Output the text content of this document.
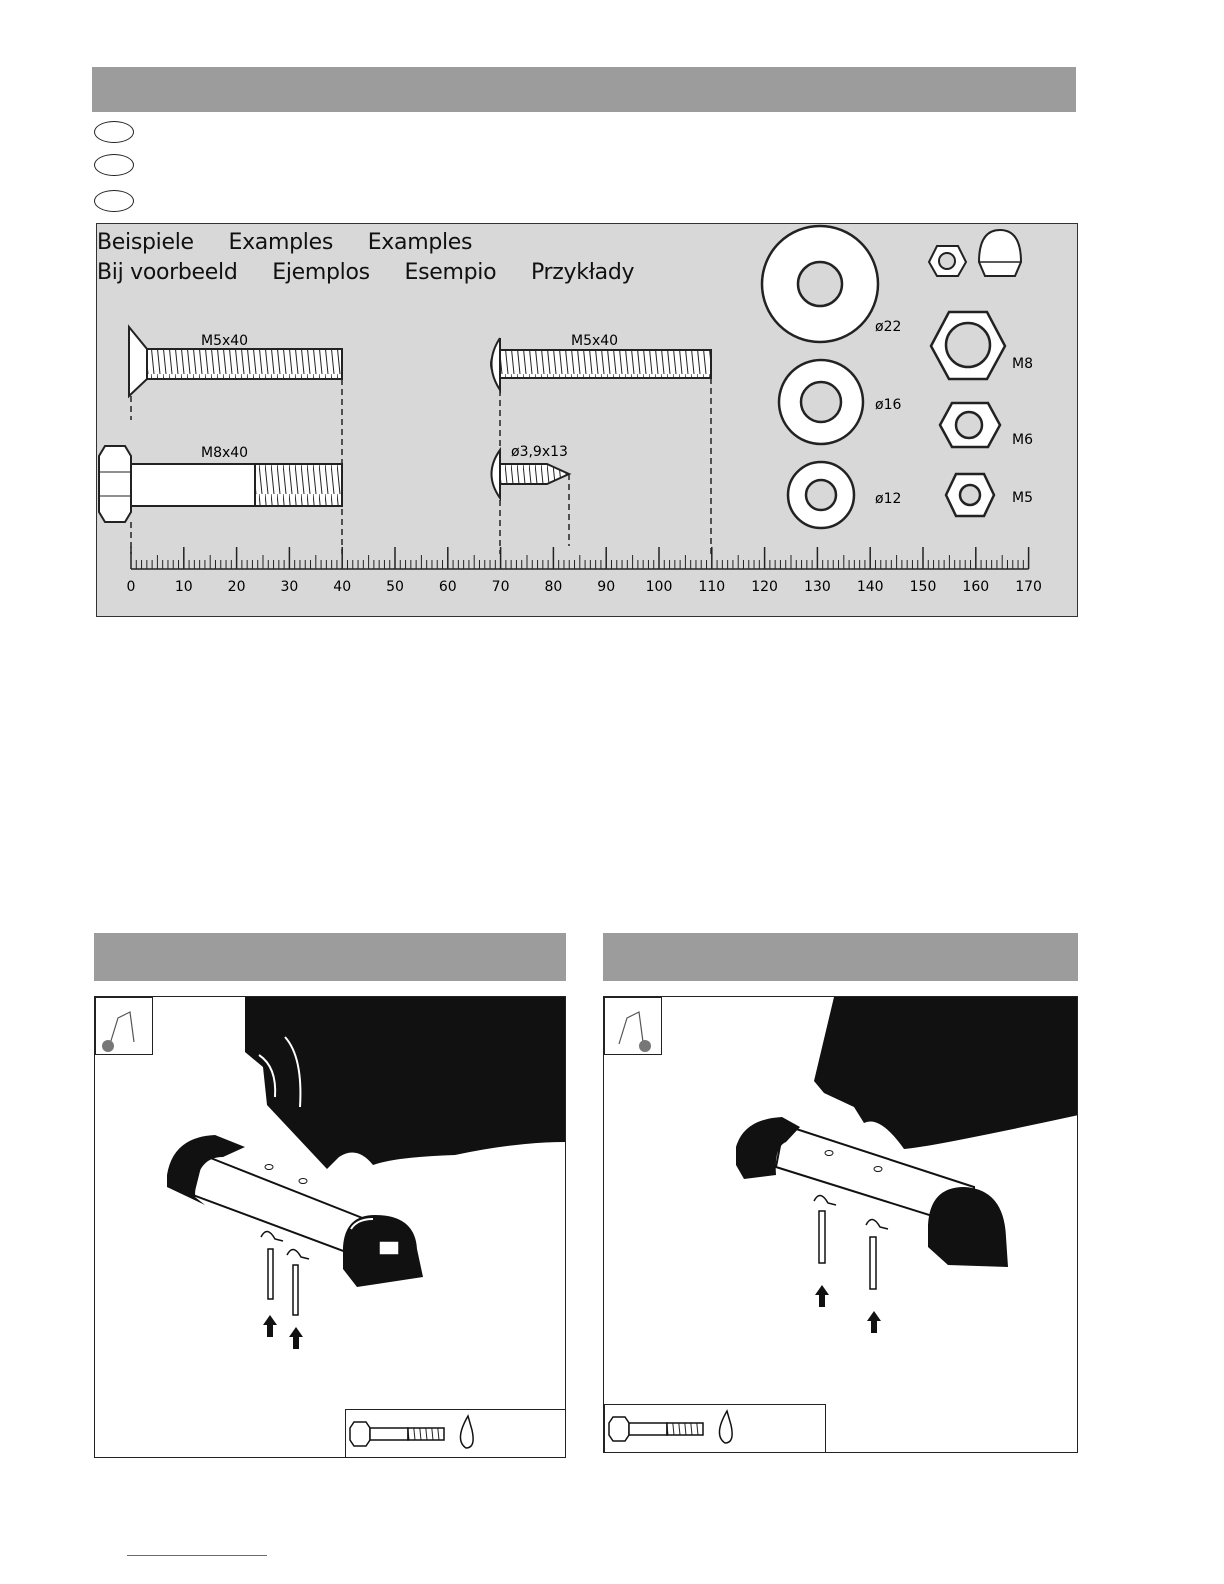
Beispiele Examples Examples
Bij voorbeeld Ejemplos Esempio Przykłady
M5x40	M5x40
M8x40	ø3,9x13
ø22
ø16
ø12
M8
M6
M5
0	10 20 30 40 50 60 70 80 90 100 110 120 130 140 150 160 170
